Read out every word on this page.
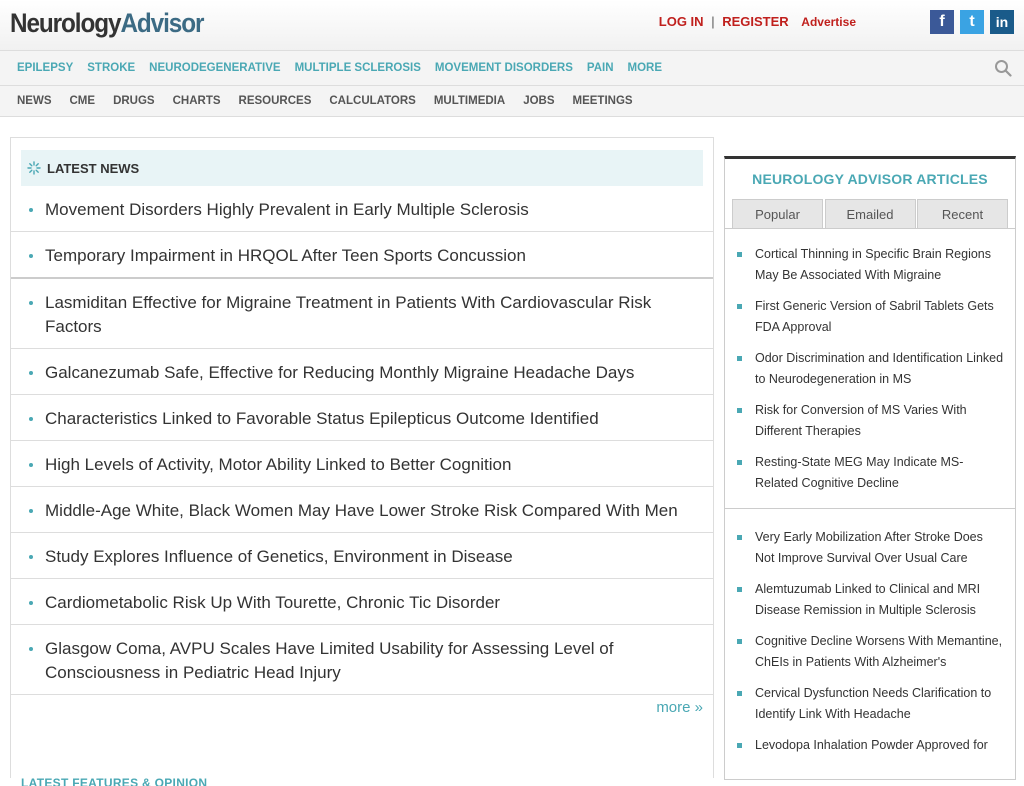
NeurologyAdvisor	LOG IN | REGISTER Advertise	f	t	in
EPILEPSY STROKE NEURODEGENERATIVE MULTIPLE SCLEROSIS MOVEMENT DISORDERS PAIN MORE
NEWS CME DRUGS CHARTS RESOURCES CALCULATORS MULTIMEDIA JOBS MEETINGS
LATEST NEWS
Movement Disorders Highly Prevalent in Early Multiple Sclerosis
Temporary Impairment in HRQOL After Teen Sports Concussion
Lasmiditan Effective for Migraine Treatment in Patients With Cardiovascular Risk Factors
Galcanezumab Safe, Effective for Reducing Monthly Migraine Headache Days
Characteristics Linked to Favorable Status Epilepticus Outcome Identified
High Levels of Activity, Motor Ability Linked to Better Cognition
Middle-Age White, Black Women May Have Lower Stroke Risk Compared With Men
Study Explores Influence of Genetics, Environment in Disease
Cardiometabolic Risk Up With Tourette, Chronic Tic Disorder
Glasgow Coma, AVPU Scales Have Limited Usability for Assessing Level of Consciousness in Pediatric Head Injury
more »
LATEST FEATURES & OPINION
NEUROLOGY ADVISOR ARTICLES
Popular	Emailed	Recent
Cortical Thinning in Specific Brain Regions May Be Associated With Migraine
First Generic Version of Sabril Tablets Gets FDA Approval
Odor Discrimination and Identification Linked to Neurodegeneration in MS
Risk for Conversion of MS Varies With Different Therapies
Resting-State MEG May Indicate MS-Related Cognitive Decline
Very Early Mobilization After Stroke Does Not Improve Survival Over Usual Care
Alemtuzumab Linked to Clinical and MRI Disease Remission in Multiple Sclerosis
Cognitive Decline Worsens With Memantine, ChEIs in Patients With Alzheimer's
Cervical Dysfunction Needs Clarification to Identify Link With Headache
Levodopa Inhalation Powder Approved for
